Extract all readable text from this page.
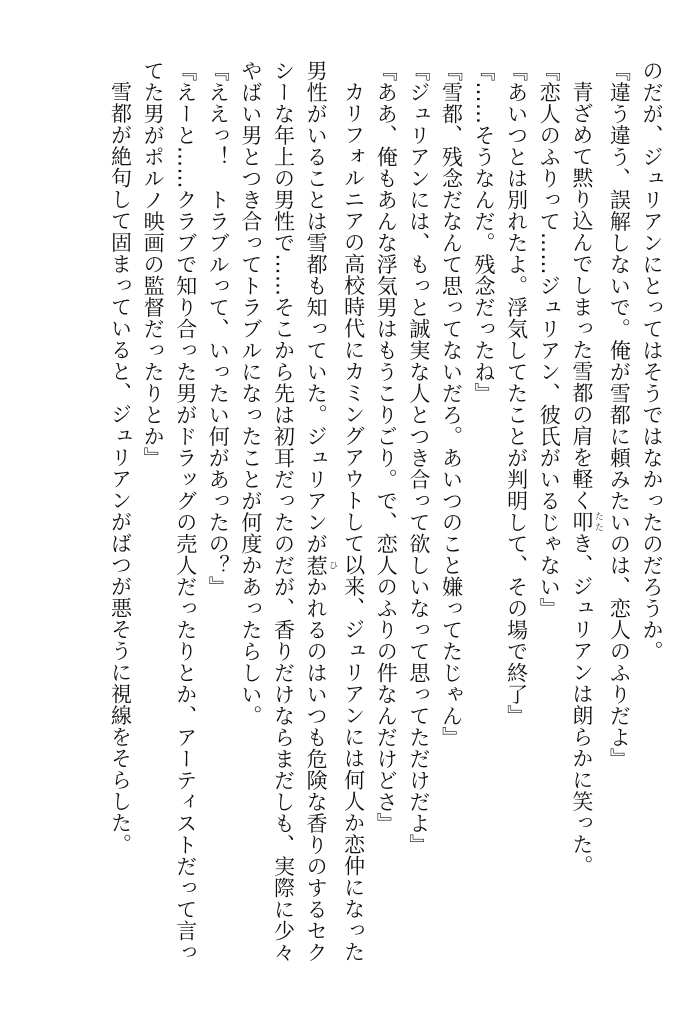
のだが、ジュリアンにとってはそうではなかったのだろうか。
『違う違う、誤解しないで。俺が雪都に頼みたいのは、恋人のふりだよ』
青ざめて黙り込んでしまった雪都の肩を軽く叩 たたき、ジュリアンは朗らかに笑った。
『恋人のふりって……ジュリアン、彼氏がいるじゃない』
『あいつとは別れたよ。浮気してたことが判明して、その場で終了』
『……そうなんだ。残念だったね』
『雪都、残念だなんて思ってないだろ。あいつのこと嫌ってたじゃん』
『ジュリアンには、もっと誠実な人とつき合って欲しいなって思ってただけだよ』
『ああ、俺もあんな浮気男はもうこりごり。で、恋人のふりの件なんだけどさ』
カリフォルニアの高校時代にカミングアウトして以来、ジュリアンには何人か恋仲になった
男性がいることは雪都も知っていた。ジュリアンが惹 ひかれるのはいつも危険な香りのするセク
シーな年上の男性で……そこから先は初耳だったのだが、香りだけならまだしも、実際に少々
やばい男とつき合ってトラブルになったことが何度かあったらしい。
『ええっ！　トラブルって、いったい何があったの？』
『えーと……クラブで知り合った男がドラッグの売人だったりとか、アーティストだって言っ
てた男がポルノ映画の監督だったりとか』
雪都が絶句して固まっていると、ジュリアンがばつが悪そうに視線をそらした。
